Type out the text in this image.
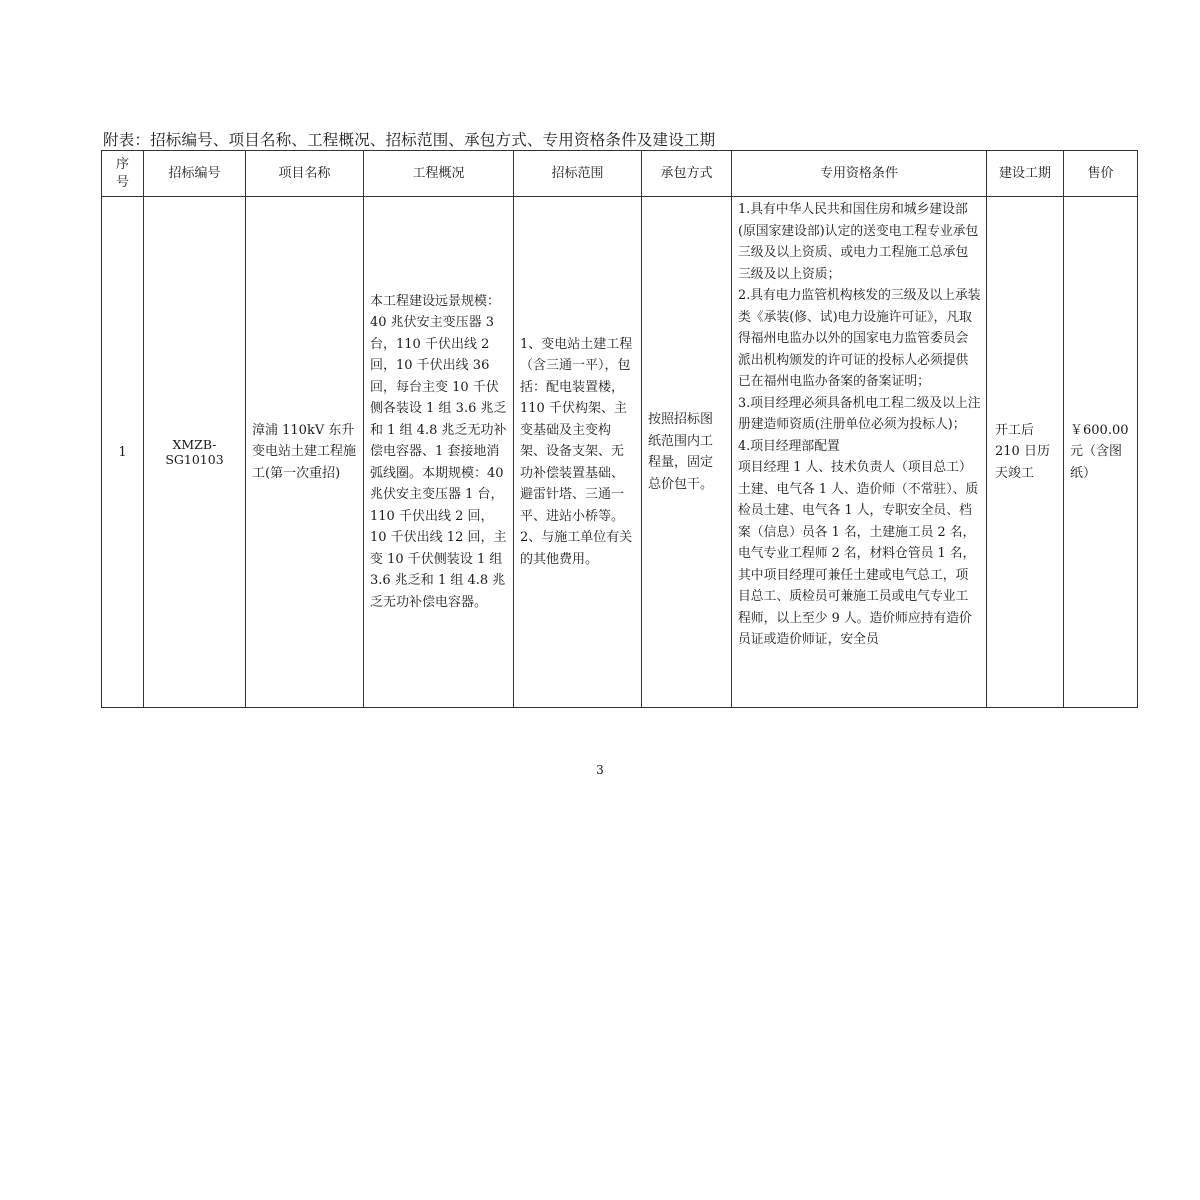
附表：招标编号、项目名称、工程概况、招标范围、承包方式、专用资格条件及建设工期
序号	招标编号	项目名称	工程概况	招标范围	承包方式	专用资格条件	建设工期	售价
1	XMZB-SG10103	漳浦 110kV 东升变电站土建工程施工(第一次重招)	本工程建设远景规模：40 兆伏安主变压器 3 台，110 千伏出线 2 回，10 千伏出线 36 回，每台主变 10 千伏侧各装设 1 组 3.6 兆乏和 1 组 4.8 兆乏无功补偿电容器、1 套接地消弧线圈。本期规模：40 兆伏安主变压器 1 台，110 千伏出线 2 回，10 千伏出线 12 回，主变 10 千伏侧装设 1 组 3.6 兆乏和 1 组 4.8 兆乏无功补偿电容器。	1、变电站土建工程（含三通一平），包括：配电装置楼，110 千伏构架、主变基础及主变构架、设备支架、无功补偿装置基础、避雷针塔、三通一平、进站小桥等。2、与施工单位有关的其他费用。	按照招标图纸范围内工程量，固定总价包干。	1.具有中华人民共和国住房和城乡建设部(原国家建设部)认定的送变电工程专业承包三级及以上资质、或电力工程施工总承包三级及以上资质；

2.具有电力监管机构核发的三级及以上承装类《承装(修、试)电力设施许可证》，凡取得福州电监办以外的国家电力监管委员会派出机构颁发的许可证的投标人必须提供已在福州电监办备案的备案证明；

3.项目经理必须具备机电工程二级及以上注册建造师资质(注册单位必须为投标人)；

4.项目经理部配置

项目经理 1 人、技术负责人（项目总工）土建、电气各 1 人、造价师（不常驻）、质检员土建、电气各 1 人，专职安全员、档案（信息）员各 1 名，土建施工员 2 名，电气专业工程师 2 名，材料仓管员 1 名，其中项目经理可兼任土建或电气总工，项目总工、质检员可兼施工员或电气专业工程师，以上至少 9 人。造价师应持有造价员证或造价师证，安全员	开工后 210 日历天竣工	￥600.00 元（含图纸）
3
